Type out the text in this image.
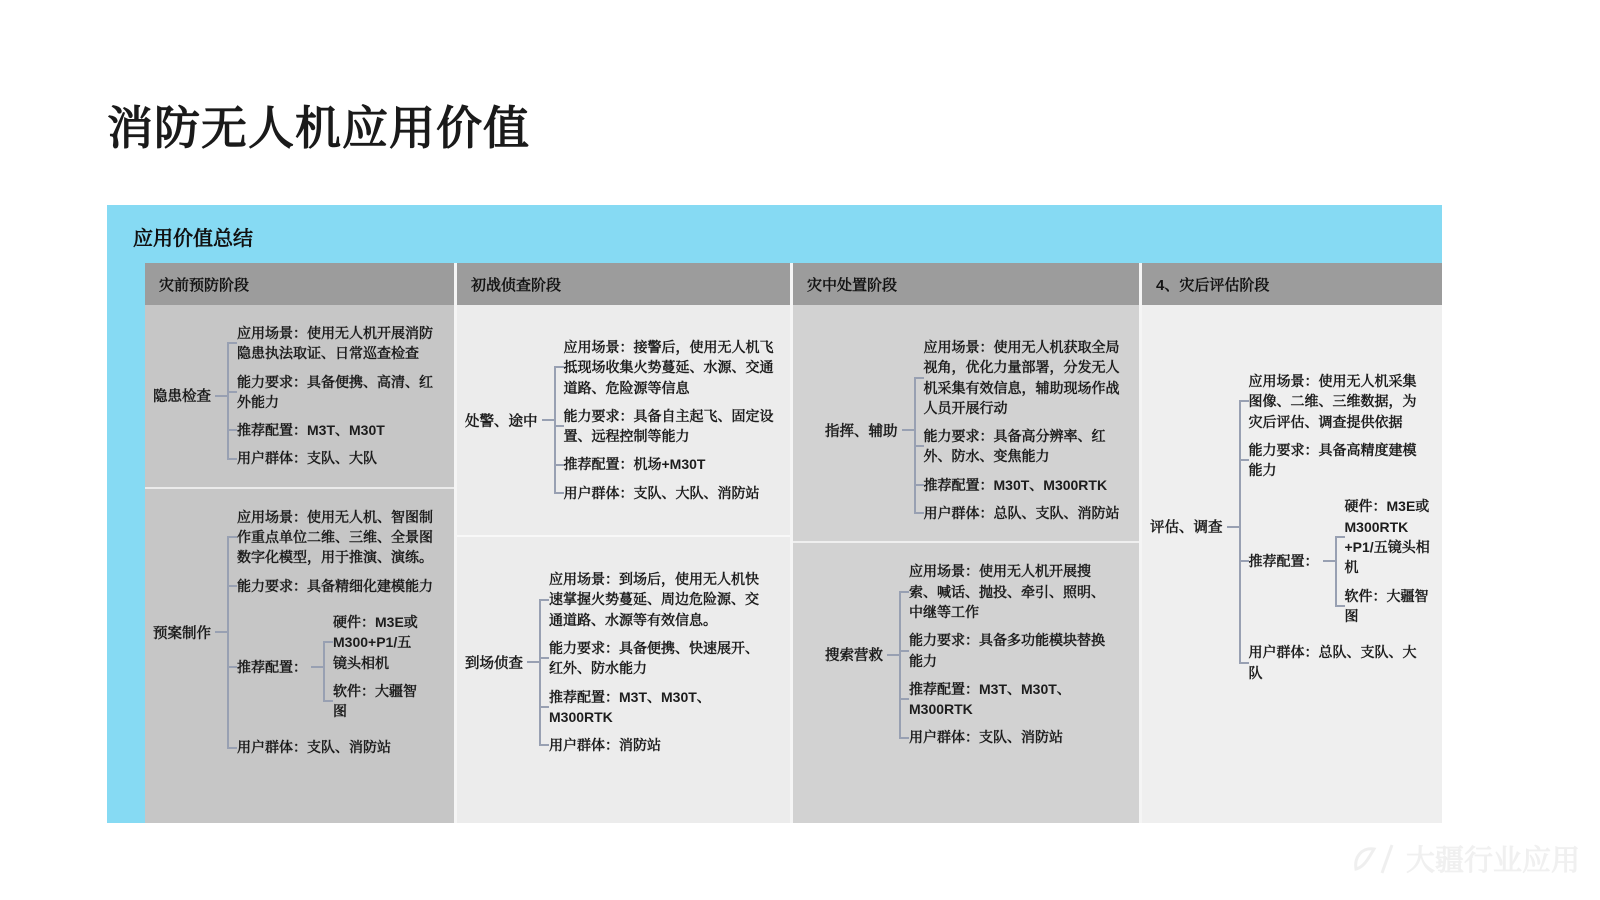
消防无人机应用价值
应用价值总结
灾前预防阶段
隐患检查
应用场景：使用无人机开展消防隐患执法取证、日常巡查检查
能力要求：具备便携、高清、红外能力
推荐配置：M3T、M30T
用户群体：支队、大队
预案制作
应用场景：使用无人机、智图制作重点单位二维、三维、全景图数字化模型，用于推演、演练。
能力要求：具备精细化建模能力
推荐配置：
硬件：M3E或M300+P1/五镜头相机
软件：大疆智图
用户群体：支队、消防站
初战侦查阶段
处警、途中
应用场景：接警后，使用无人机飞抵现场收集火势蔓延、水源、交通道路、危险源等信息
能力要求：具备自主起飞、固定设置、远程控制等能力
推荐配置：机场+M30T
用户群体：支队、大队、消防站
到场侦查
应用场景：到场后，使用无人机快速掌握火势蔓延、周边危险源、交通道路、水源等有效信息。
能力要求：具备便携、快速展开、红外、防水能力
推荐配置：M3T、M30T、M300RTK
用户群体：消防站
灾中处置阶段
指挥、辅助
应用场景：使用无人机获取全局视角，优化力量部署，分发无人机采集有效信息，辅助现场作战人员开展行动
能力要求：具备高分辨率、红外、防水、变焦能力
推荐配置：M30T、M300RTK
用户群体：总队、支队、消防站
搜索营救
应用场景：使用无人机开展搜索、喊话、抛投、牵引、照明、中继等工作
能力要求：具备多功能模块替换能力
推荐配置：M3T、M30T、M300RTK
用户群体：支队、消防站
4、灾后评估阶段
评估、调查
应用场景：使用无人机采集图像、二维、三维数据，为灾后评估、调查提供依据
能力要求：具备高精度建模能力
推荐配置：
硬件：M3E或 M300RTK +P1/五镜头相机
软件：大疆智图
用户群体：总队、支队、大队
大疆行业应用
